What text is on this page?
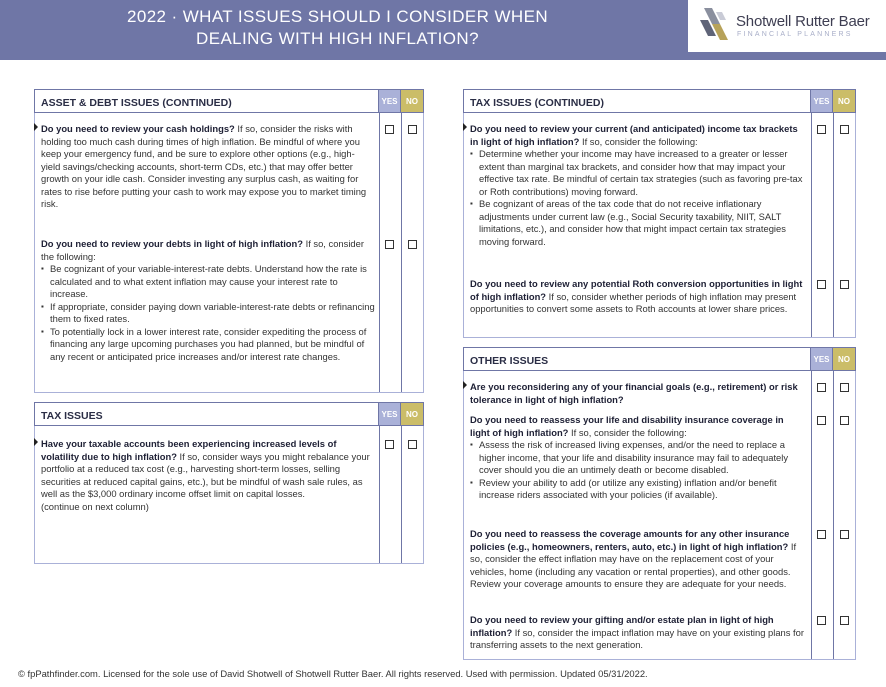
2022 · WHAT ISSUES SHOULD I CONSIDER WHEN
DEALING WITH HIGH INFLATION?
Shotwell Rutter Baer
FINANCIAL PLANNERS
ASSET & DEBT ISSUES (CONTINUED)	YES	NO
Do you need to review your cash holdings? If so, consider the risks with holding too much cash during times of high inflation. Be mindful of where you keep your emergency fund, and be sure to explore other options (e.g., high-yield savings/checking accounts, short-term CDs, etc.) that may offer better growth on your idle cash. Consider investing any surplus cash, as waiting for rates to rise before putting your cash to work may expose you to market timing risk.
Do you need to review your debts in light of high inflation? If so, consider the following:
▪ Be cognizant of your variable-interest-rate debts. Understand how the rate is calculated and to what extent inflation may cause your interest rate to increase.
▪ If appropriate, consider paying down variable-interest-rate debts or refinancing them to fixed rates.
▪ To potentially lock in a lower interest rate, consider expediting the process of financing any large upcoming purchases you had planned, but be mindful of any recent or anticipated price increases and/or interest rate changes.
TAX ISSUES	YES	NO
Have your taxable accounts been experiencing increased levels of volatility due to high inflation? If so, consider ways you might rebalance your portfolio at a reduced tax cost (e.g., harvesting short-term losses, selling securities at reduced capital gains, etc.), but be mindful of wash sale rules, as well as the $3,000 ordinary income offset limit on capital losses.
(continue on next column)
TAX ISSUES (CONTINUED)	YES	NO
Do you need to review your current (and anticipated) income tax brackets in light of high inflation? If so, consider the following:
▪ Determine whether your income may have increased to a greater or lesser extent than marginal tax brackets, and consider how that may impact your effective tax rate. Be mindful of certain tax strategies (such as favoring pre-tax or Roth contributions) moving forward.
▪ Be cognizant of areas of the tax code that do not receive inflationary adjustments under current law (e.g., Social Security taxability, NIIT, SALT limitations, etc.), and consider how that might impact certain tax strategies moving forward.
Do you need to review any potential Roth conversion opportunities in light of high inflation? If so, consider whether periods of high inflation may present opportunities to convert some assets to Roth accounts at lower share prices.
OTHER ISSUES	YES	NO
Are you reconsidering any of your financial goals (e.g., retirement) or risk tolerance in light of high inflation?
Do you need to reassess your life and disability insurance coverage in light of high inflation? If so, consider the following:
▪ Assess the risk of increased living expenses, and/or the need to replace a higher income, that your life and disability insurance may fail to adequately cover should you die an untimely death or become disabled.
▪ Review your ability to add (or utilize any existing) inflation and/or benefit increase riders associated with your policies (if available).
Do you need to reassess the coverage amounts for any other insurance policies (e.g., homeowners, renters, auto, etc.) in light of high inflation? If so, consider the effect inflation may have on the replacement cost of your vehicles, home (including any vacation or rental properties), and other goods. Review your coverage amounts to ensure they are adequate for your needs.
Do you need to review your gifting and/or estate plan in light of high inflation? If so, consider the impact inflation may have on your existing plans for transferring assets to the next generation.
© fpPathfinder.com. Licensed for the sole use of David Shotwell of Shotwell Rutter Baer. All rights reserved. Used with permission. Updated 05/31/2022.
